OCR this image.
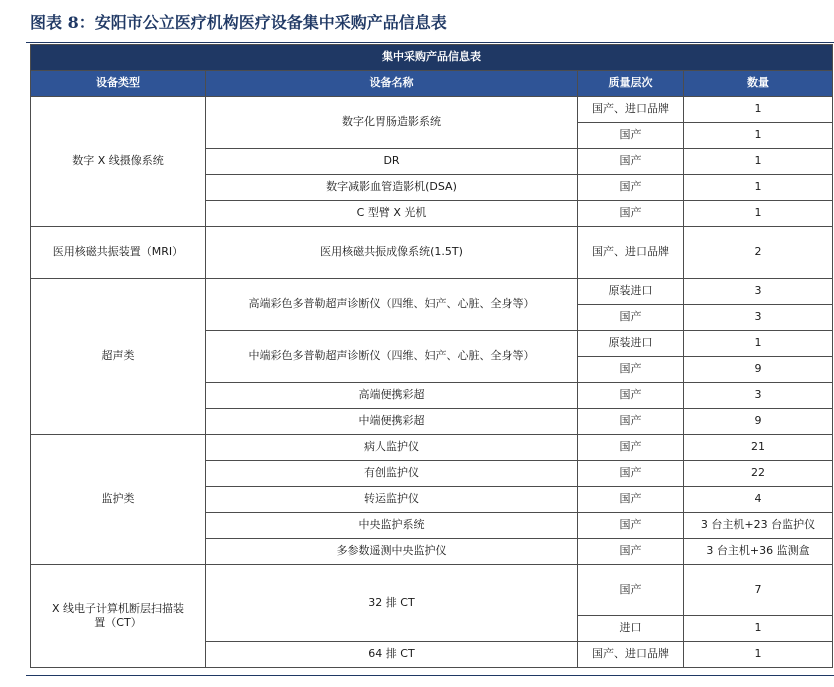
图表 8：安阳市公立医疗机构医疗设备集中采购产品信息表
集中采购产品信息表			
设备类型	设备名称	质量层次	数量
数字 X 线摄像系统	数字化胃肠造影系统	国产、进口品牌	1
		国产	1
	DR	国产	1
	数字减影血管造影机(DSA)	国产	1
	C 型臂 X 光机	国产	1
医用核磁共振装置（MRI）	医用核磁共振成像系统(1.5T)	国产、进口品牌	2
超声类	高端彩色多普勒超声诊断仪（四维、妇产、心脏、全身等）	原装进口	3
		国产	3
	中端彩色多普勒超声诊断仪（四维、妇产、心脏、全身等）	原装进口	1
		国产	9
	高端便携彩超	国产	3
	中端便携彩超	国产	9
监护类	病人监护仪	国产	21
	有创监护仪	国产	22
	转运监护仪	国产	4
	中央监护系统	国产	3 台主机+23 台监护仪
	多参数遥测中央监护仪	国产	3 台主机+36 监测盒
X 线电子计算机断层扫描装
置（CT）	32 排 CT	国产	7
		进口	1
	64 排 CT	国产、进口品牌	1
